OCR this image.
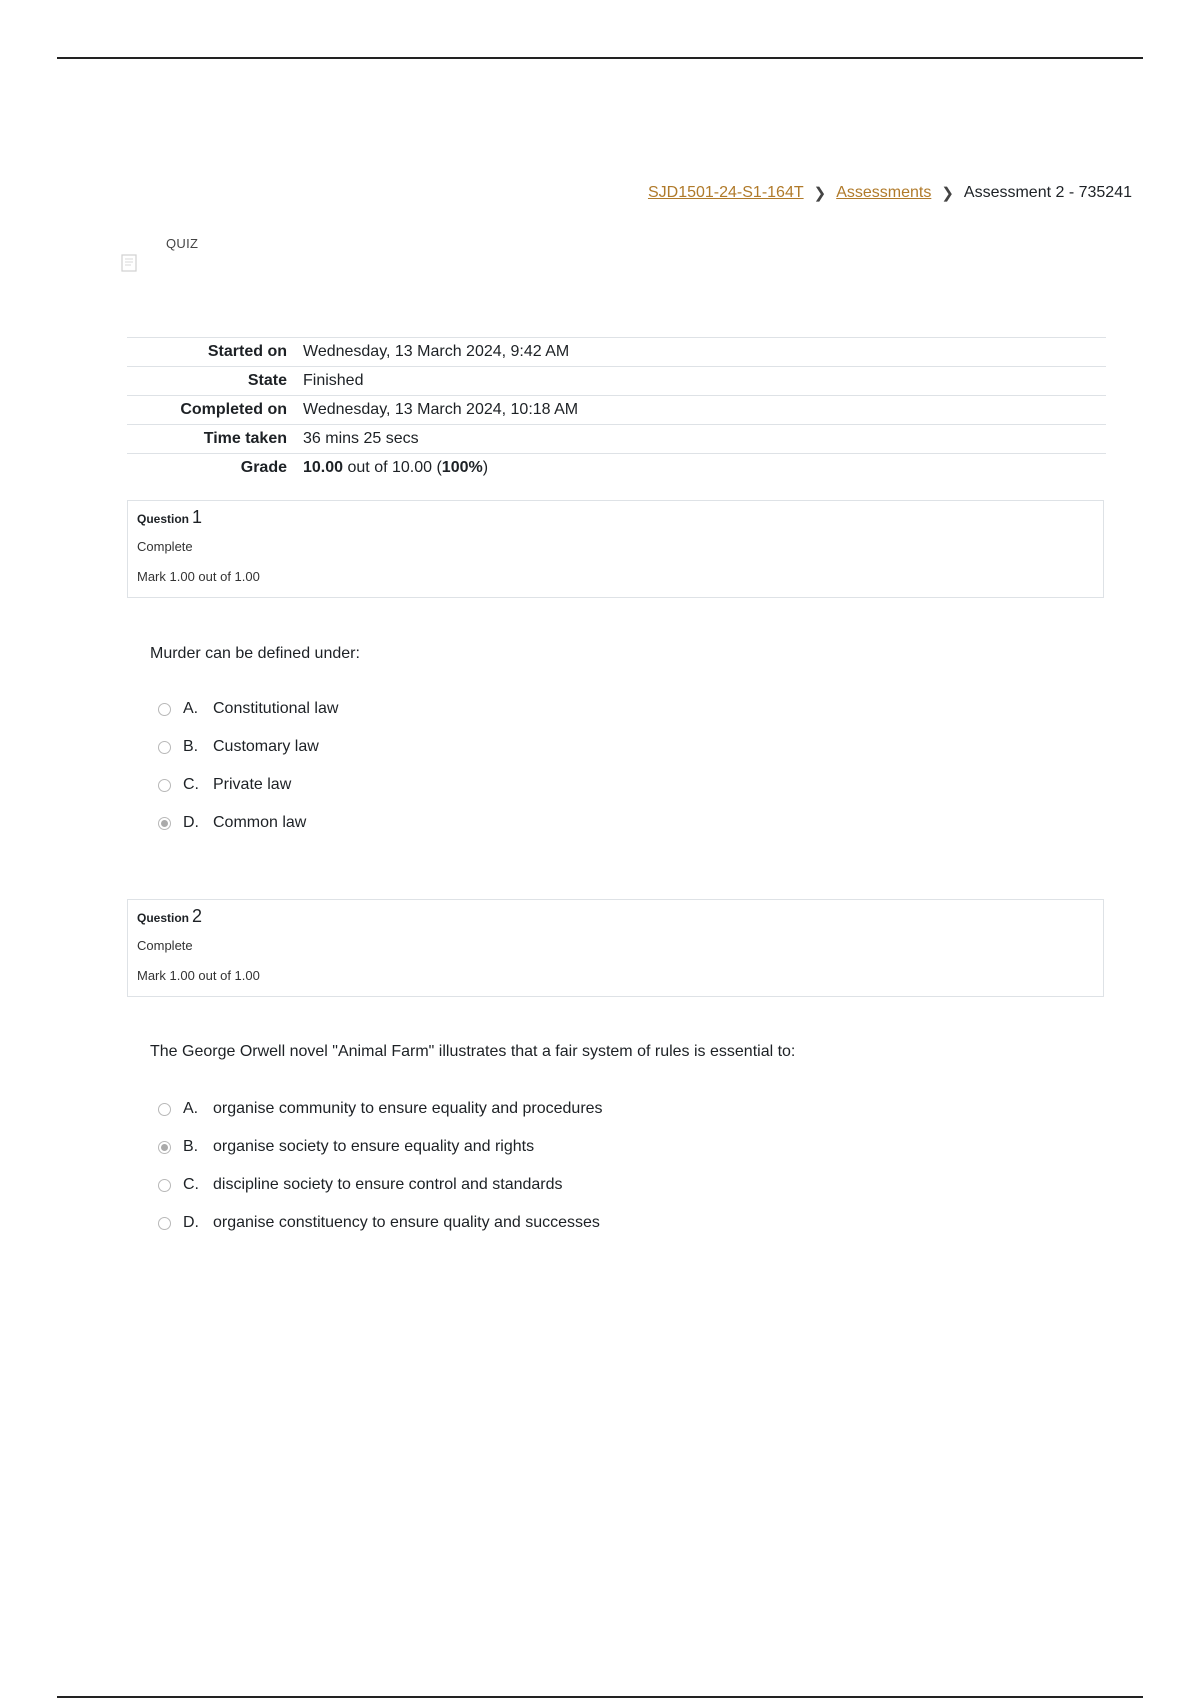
SJD1501-24-S1-164T ❯ Assessments ❯ Assessment 2 - 735241
QUIZ
Started on	Wednesday, 13 March 2024, 9:42 AM
State	Finished
Completed on	Wednesday, 13 March 2024, 10:18 AM
Time taken	36 mins 25 secs
Grade	10.00 out of 10.00 (100%)
Question 1
Complete
Mark 1.00 out of 1.00
Murder can be defined under:
A. Constitutional law
B. Customary law
C. Private law
D. Common law
Question 2
Complete
Mark 1.00 out of 1.00
The George Orwell novel "Animal Farm" illustrates that a fair system of rules is essential to:
A. organise community to ensure equality and procedures
B. organise society to ensure equality and rights
C. discipline society to ensure control and standards
D. organise constituency to ensure quality and successes
